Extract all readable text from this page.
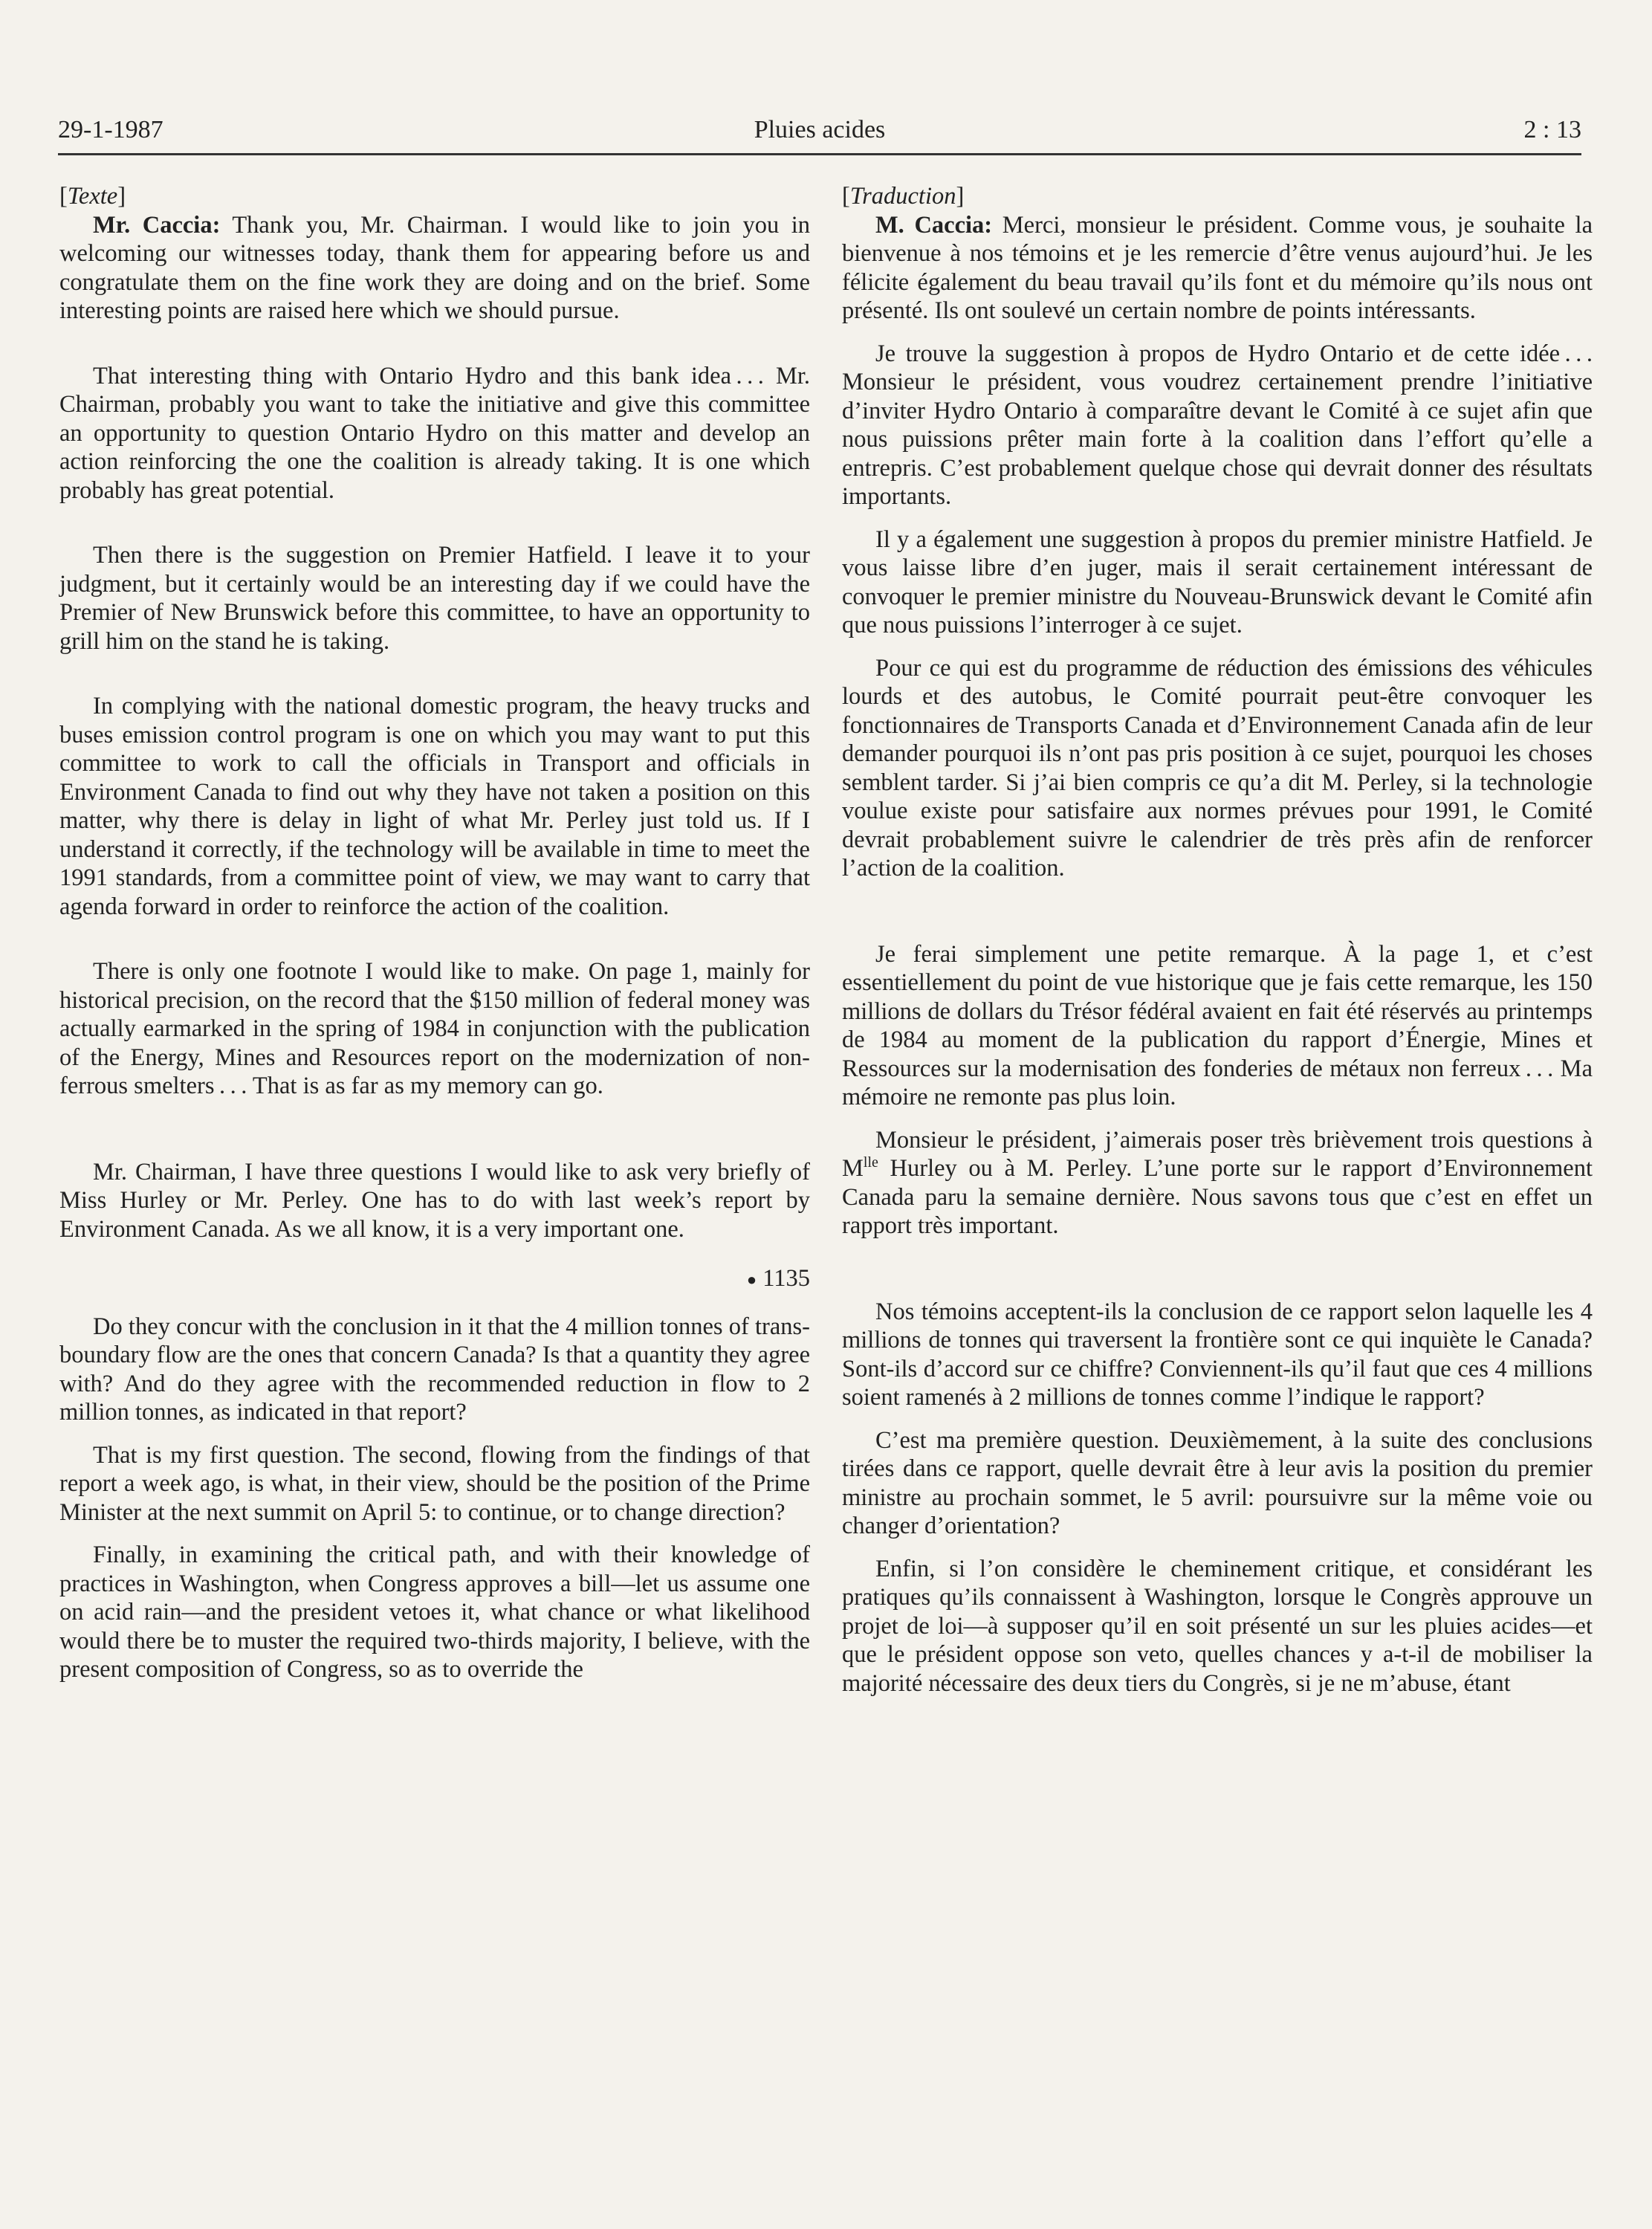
29-1-1987	Pluies acides	2 : 13
[Texte]

Mr. Caccia: Thank you, Mr. Chairman. I would like to join you in welcoming our witnesses today, thank them for appearing before us and congratulate them on the fine work they are doing and on the brief. Some interesting points are raised here which we should pursue.

That interesting thing with Ontario Hydro and this bank idea . . . Mr. Chairman, probably you want to take the initiative and give this committee an opportunity to question Ontario Hydro on this matter and develop an action reinforcing the one the coalition is already taking. It is one which probably has great potential.

Then there is the suggestion on Premier Hatfield. I leave it to your judgment, but it certainly would be an interesting day if we could have the Premier of New Brunswick before this committee, to have an opportunity to grill him on the stand he is taking.

In complying with the national domestic program, the heavy trucks and buses emission control program is one on which you may want to put this committee to work to call the officials in Transport and officials in Environment Canada to find out why they have not taken a position on this matter, why there is delay in light of what Mr. Perley just told us. If I understand it correctly, if the technology will be available in time to meet the 1991 standards, from a committee point of view, we may want to carry that agenda forward in order to reinforce the action of the coalition.

There is only one footnote I would like to make. On page 1, mainly for historical precision, on the record that the $150 million of federal money was actually earmarked in the spring of 1984 in conjunction with the publication of the Energy, Mines and Resources report on the modernization of non-ferrous smelters . . . That is as far as my memory can go.

Mr. Chairman, I have three questions I would like to ask very briefly of Miss Hurley or Mr. Perley. One has to do with last week’s report by Environment Canada. As we all know, it is a very important one.

● 1135

Do they concur with the conclusion in it that the 4 million tonnes of trans-boundary flow are the ones that concern Canada? Is that a quantity they agree with? And do they agree with the recommended reduction in flow to 2 million tonnes, as indicated in that report?

That is my first question. The second, flowing from the findings of that report a week ago, is what, in their view, should be the position of the Prime Minister at the next summit on April 5: to continue, or to change direction?

Finally, in examining the critical path, and with their knowledge of practices in Washington, when Congress approves a bill—let us assume one on acid rain—and the president vetoes it, what chance or what likelihood would there be to muster the required two-thirds majority, I believe, with the present composition of Congress, so as to override the

[Traduction]

M. Caccia: Merci, monsieur le président. Comme vous, je souhaite la bienvenue à nos témoins et je les remercie d’être venus aujourd’hui. Je les félicite également du beau travail qu’ils font et du mémoire qu’ils nous ont présenté. Ils ont soulevé un certain nombre de points intéressants.

Je trouve la suggestion à propos de Hydro Ontario et de cette idée . . . Monsieur le président, vous voudrez certainement prendre l’initiative d’inviter Hydro Ontario à comparaître devant le Comité à ce sujet afin que nous puissions prêter main forte à la coalition dans l’effort qu’elle a entrepris. C’est probablement quelque chose qui devrait donner des résultats importants.

Il y a également une suggestion à propos du premier ministre Hatfield. Je vous laisse libre d’en juger, mais il serait certainement intéressant de convoquer le premier ministre du Nouveau-Brunswick devant le Comité afin que nous puissions l’interroger à ce sujet.

Pour ce qui est du programme de réduction des émissions des véhicules lourds et des autobus, le Comité pourrait peut-être convoquer les fonctionnaires de Transports Canada et d’Environnement Canada afin de leur demander pourquoi ils n’ont pas pris position à ce sujet, pourquoi les choses semblent tarder. Si j’ai bien compris ce qu’a dit M. Perley, si la technologie voulue existe pour satisfaire aux normes prévues pour 1991, le Comité devrait probablement suivre le calendrier de très près afin de renforcer l’action de la coalition.

Je ferai simplement une petite remarque. À la page 1, et c’est essentiellement du point de vue historique que je fais cette remarque, les 150 millions de dollars du Trésor fédéral avaient en fait été réservés au printemps de 1984 au moment de la publication du rapport d’Énergie, Mines et Ressources sur la modernisation des fonderies de métaux non ferreux . . . Ma mémoire ne remonte pas plus loin.

Monsieur le président, j’aimerais poser très brièvement trois questions à $M^{lle}$ Hurley ou à M. Perley. L’une porte sur le rapport d’Environnement Canada paru la semaine dernière. Nous savons tous que c’est en effet un rapport très important.

Nos témoins acceptent-ils la conclusion de ce rapport selon laquelle les 4 millions de tonnes qui traversent la frontière sont ce qui inquiète le Canada? Sont-ils d’accord sur ce chiffre? Conviennent-ils qu’il faut que ces 4 millions soient ramenés à 2 millions de tonnes comme l’indique le rapport?

C’est ma première question. Deuxièmement, à la suite des conclusions tirées dans ce rapport, quelle devrait être à leur avis la position du premier ministre au prochain sommet, le 5 avril: poursuivre sur la même voie ou changer d’orientation?

Enfin, si l’on considère le cheminement critique, et considérant les pratiques qu’ils connaissent à Washington, lorsque le Congrès approuve un projet de loi—à supposer qu’il en soit présenté un sur les pluies acides—et que le président oppose son veto, quelles chances y a-t-il de mobiliser la majorité nécessaire des deux tiers du Congrès, si je ne m’abuse, étant
